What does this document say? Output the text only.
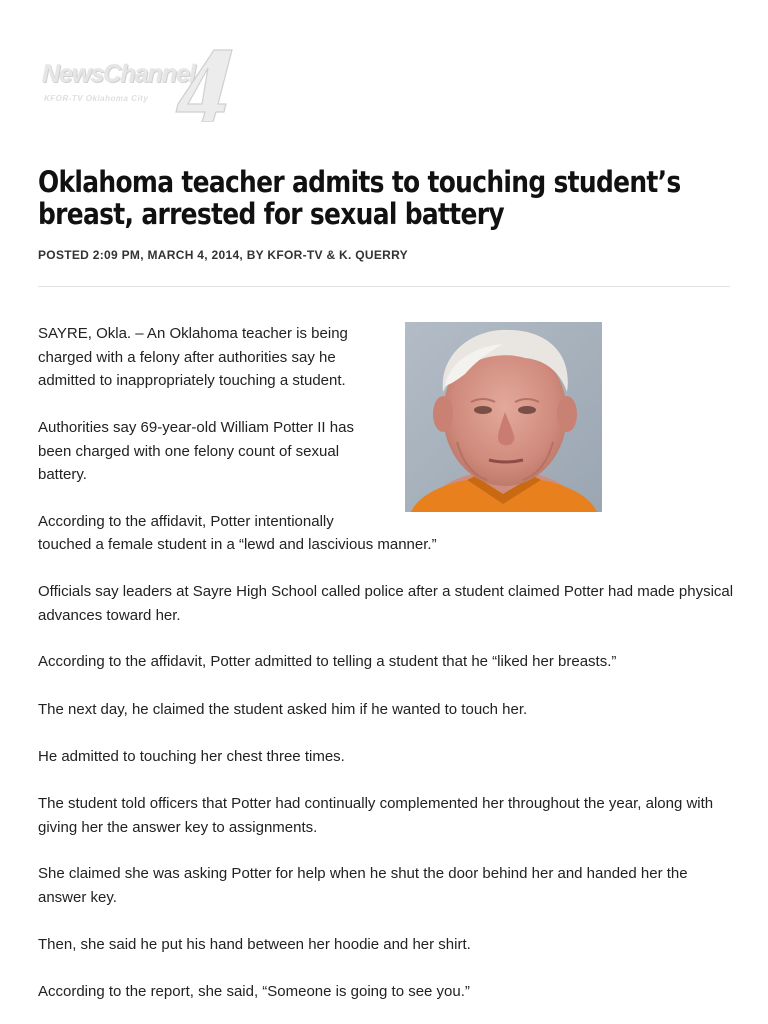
NewsChannel
KFOR-TV Oklahoma City
Oklahoma teacher admits to touching student’s breast, arrested for sexual battery
POSTED 2:09 PM, MARCH 4, 2014, BY KFOR-TV & K. QUERRY

SAYRE, Okla. – An Oklahoma teacher is being charged with a felony after authorities say he admitted to inappropriately touching a student.

Authorities say 69-year-old William Potter II has been charged with one felony count of sexual battery.

According to the affidavit, Potter intentionally

touched a female student in a “lewd and lascivious manner.”

Officials say leaders at Sayre High School called police after a student claimed Potter had made physical advances toward her.

According to the affidavit, Potter admitted to telling a student that he “liked her breasts.”

The next day, he claimed the student asked him if he wanted to touch her.

He admitted to touching her chest three times.

The student told officers that Potter had continually complemented her throughout the year, along with giving her the answer key to assignments.

She claimed she was asking Potter for help when he shut the door behind her and handed her the answer key.

Then, she said he put his hand between her hoodie and her shirt.

According to the report, she said, “Someone is going to see you.”
